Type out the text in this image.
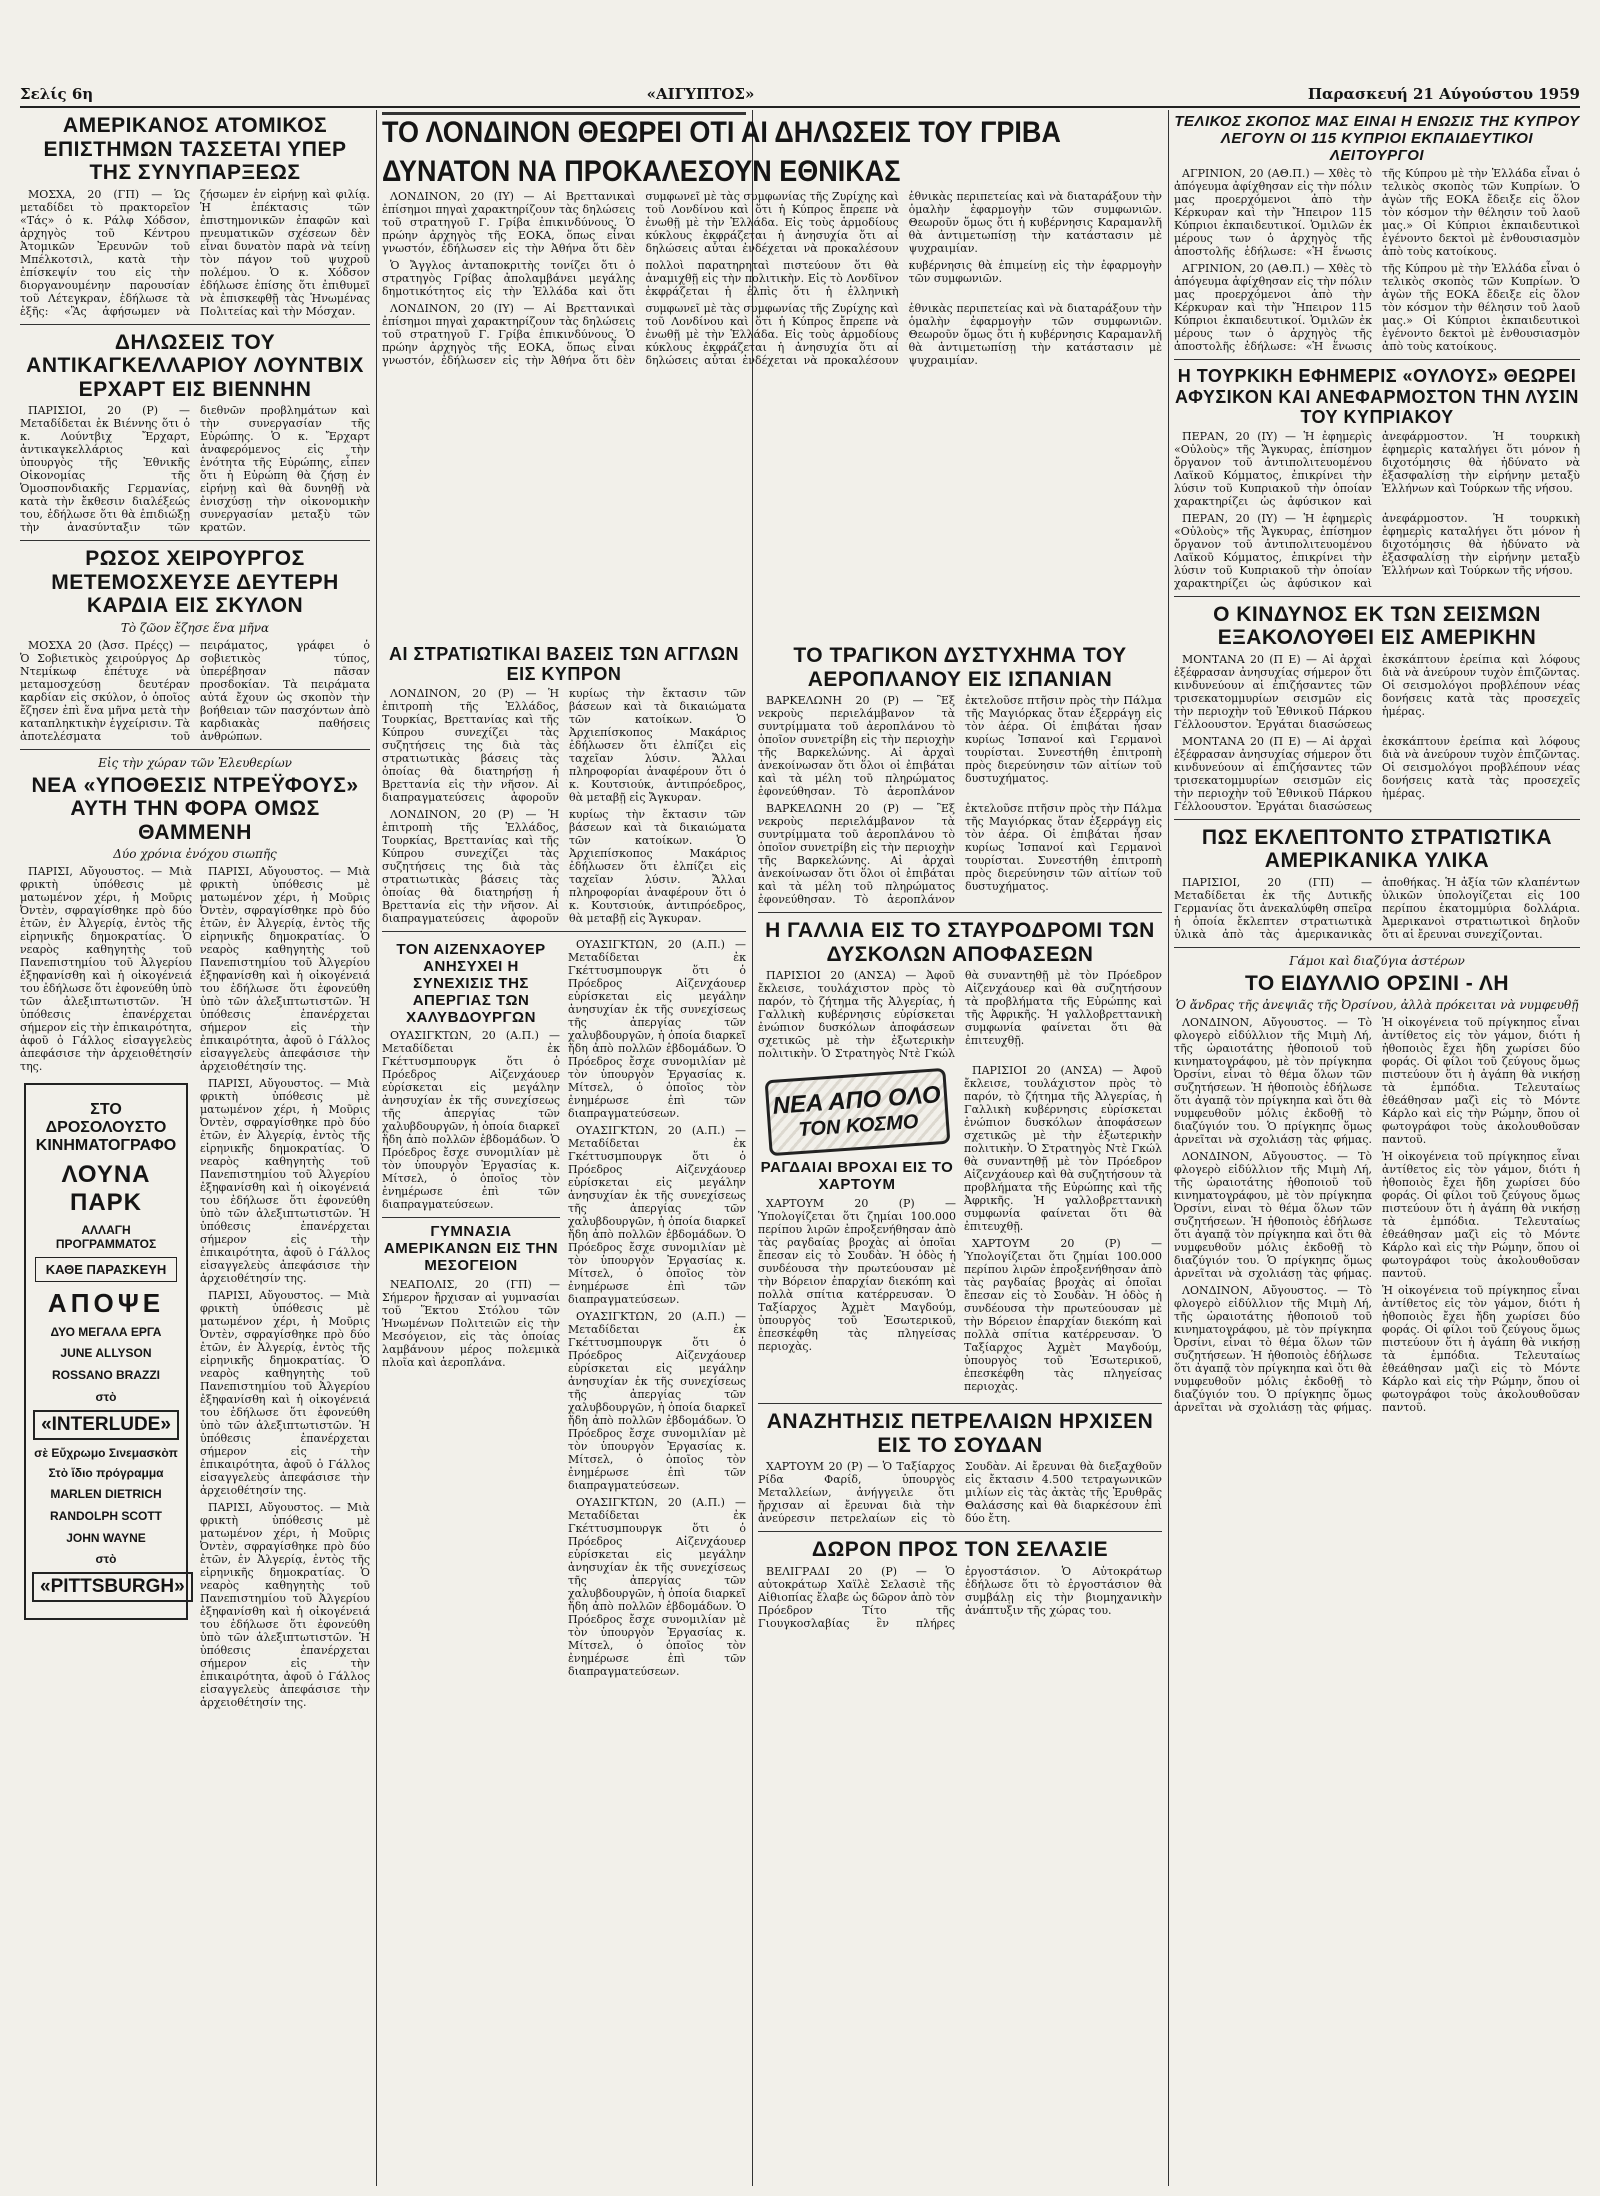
Σελίς 6η	«ΑΙΓΥΠΤΟΣ»	Παρασκευή 21 Αύγούστου 1959
ΑΜΕΡΙΚΑΝΟΣ ΑΤΟΜΙΚΟΣ ΕΠΙΣΤΗΜΩΝ ΤΑΣΣΕΤΑΙ ΥΠΕΡ ΤΗΣ ΣΥΝΥΠΑΡΞΕΩΣ

ΜΟΣΧΑ, 20 (ΓΠ) — Ὡς μεταδίδει τὸ πρακτορεῖον «Τάς» ὁ κ. Ράλφ Χόδσον, ἀρχηγὸς τοῦ Κέντρου Ἀτομικῶν Ἐρευνῶν τοῦ Μπέλκοτσιλ, κατὰ τὴν ἐπίσκεψίν του εἰς τὴν διοργανουμένην παρουσίαν τοῦ Λέτεγκραν, ἐδήλωσε τὰ ἑξῆς: «Ἂς ἀφήσωμεν νὰ ζήσωμεν ἐν εἰρήνῃ καὶ φιλίᾳ. Ἡ ἐπέκτασις τῶν ἐπιστημονικῶν ἐπαφῶν καὶ πνευματικῶν σχέσεων δὲν εἶναι δυνατὸν παρὰ νὰ τείνῃ τὸν πάγον τοῦ ψυχροῦ πολέμου. Ὁ κ. Χόδσον ἐδήλωσε ἐπίσης ὅτι ἐπιθυμεῖ νὰ ἐπισκεφθῇ τὰς Ἡνωμένας Πολιτείας καὶ τὴν Μόσχαν.

ΔΗΛΩΣΕΙΣ ΤΟΥ ΑΝΤΙΚΑΓΚΕΛΛΑΡΙΟΥ ΛΟΥΝΤΒΙΧ ΕΡΧΑΡΤ ΕΙΣ ΒΙΕΝΝΗΝ

ΠΑΡΙΣΙΟΙ, 20 (Ρ) — Μεταδίδεται ἐκ Βιέννης ὅτι ὁ κ. Λούντβιχ Ἔρχαρτ, ἀντικαγκελλάριος καὶ ὑπουργὸς τῆς Ἐθνικῆς Οἰκονομίας τῆς Ὁμοσπονδιακῆς Γερμανίας, κατὰ τὴν ἔκθεσιν διαλέξεώς του, ἐδήλωσε ὅτι θὰ ἐπιδιώξῃ τὴν ἀνασύνταξιν τῶν διεθνῶν προβλημάτων καὶ τὴν συνεργασίαν τῆς Εὐρώπης. Ὁ κ. Ἔρχαρτ ἀναφερόμενος εἰς τὴν ἑνότητα τῆς Εὐρώπης, εἶπεν ὅτι ἡ Εὐρώπη θὰ ζήσῃ ἐν εἰρήνῃ καὶ θὰ δυνηθῇ νὰ ἐνισχύσῃ τὴν οἰκονομικὴν συνεργασίαν μεταξὺ τῶν κρατῶν.

ΡΩΣΟΣ ΧΕΙΡΟΥΡΓΟΣ ΜΕΤΕΜΟΣΧΕΥΣΕ ΔΕΥΤΕΡΗ ΚΑΡΔΙΑ ΕΙΣ ΣΚΥΛΟΝ
Τὸ ζῶον ἔζησε ἕνα μῆνα

ΜΟΣΧΑ 20 (Ἀσσ. Πρέςς) — Ὁ Σοβιετικὸς χειρούργος Δρ Ντεμίκωφ ἐπέτυχε νὰ μεταμοσχεύσῃ δευτέραν καρδίαν εἰς σκύλον, ὁ ὁποῖος ἔζησεν ἐπὶ ἕνα μῆνα μετὰ τὴν καταπληκτικὴν ἐγχείρισιν. Τὰ ἀποτελέσματα τοῦ πειράματος, γράφει ὁ σοβιετικὸς τύπος, ὑπερέβησαν πᾶσαν προσδοκίαν. Τὰ πειράματα αὐτά ἔχουν ὡς σκοπὸν τὴν βοήθειαν τῶν πασχόντων ἀπὸ καρδιακὰς παθήσεις ἀνθρώπων.

Εἰς τὴν χώραν τῶν Ἐλευθερίων
ΝΕΑ «ΥΠΟΘΕΣΙΣ ΝΤΡΕΫΦΟΥΣ» ΑΥΤΗ ΤΗΝ ΦΟΡΑ ΟΜΩΣ ΘΑΜΜΕΝΗ
Δύο χρόνια ἐνόχου σιωπῆς

ΠΑΡΙΣΙ, Αὔγουστος. — Μιὰ φρικτὴ ὑπόθεσις μὲ ματωμένον χέρι, ἡ Μοῦρις Ὀντὲν, σφραγίσθηκε πρὸ δύο ἐτῶν, ἐν Ἀλγερίᾳ, ἐντὸς τῆς εἰρηνικῆς δημοκρατίας. Ὁ νεαρὸς καθηγητὴς τοῦ Πανεπιστημίου τοῦ Ἀλγερίου ἐξηφανίσθη καὶ ἡ οἰκογένειά του ἐδήλωσε ὅτι ἐφονεύθη ὑπὸ τῶν ἀλεξιπτωτιστῶν. Ἡ ὑπόθεσις ἐπανέρχεται σήμερον εἰς τὴν ἐπικαιρότητα, ἀφοῦ ὁ Γάλλος εἰσαγγελεὺς ἀπεφάσισε τὴν ἀρχειοθέτησίν της.

ΣΤΟ ΔΡΟΣΟΛΟΥΣΤΟ ΚΙΝΗΜΑΤΟΓΡΑΦΟ
ΛΟΥΝΑ ΠΑΡΚ
ΑΛΛΑΓΗ ΠΡΟΓΡΑΜΜΑΤΟΣ
ΚΑΘΕ ΠΑΡΑΣΚΕΥΗ
ΑΠΟΨΕ
ΔΥΟ ΜΕΓΑΛΑ ΕΡΓΑ
JUNE ALLYSON
ROSSANO BRAZZI
στὸ
«INTERLUDE»
σὲ Εὔχρωμο Σινεμασκὸπ
Στὸ ἴδιο πρόγραμμα
MARLEN DIETRICH
RANDOLPH SCOTT
JOHN WAYNE
στὸ
«PITTSBURGH»

ΠΑΡΙΣΙ, Αὔγουστος. — Μιὰ φρικτὴ ὑπόθεσις μὲ ματωμένον χέρι, ἡ Μοῦρις Ὀντὲν, σφραγίσθηκε πρὸ δύο ἐτῶν, ἐν Ἀλγερίᾳ, ἐντὸς τῆς εἰρηνικῆς δημοκρατίας. Ὁ νεαρὸς καθηγητὴς τοῦ Πανεπιστημίου τοῦ Ἀλγερίου ἐξηφανίσθη καὶ ἡ οἰκογένειά του ἐδήλωσε ὅτι ἐφονεύθη ὑπὸ τῶν ἀλεξιπτωτιστῶν. Ἡ ὑπόθεσις ἐπανέρχεται σήμερον εἰς τὴν ἐπικαιρότητα, ἀφοῦ ὁ Γάλλος εἰσαγγελεὺς ἀπεφάσισε τὴν ἀρχειοθέτησίν της.

ΠΑΡΙΣΙ, Αὔγουστος. — Μιὰ φρικτὴ ὑπόθεσις μὲ ματωμένον χέρι, ἡ Μοῦρις Ὀντὲν, σφραγίσθηκε πρὸ δύο ἐτῶν, ἐν Ἀλγερίᾳ, ἐντὸς τῆς εἰρηνικῆς δημοκρατίας. Ὁ νεαρὸς καθηγητὴς τοῦ Πανεπιστημίου τοῦ Ἀλγερίου ἐξηφανίσθη καὶ ἡ οἰκογένειά του ἐδήλωσε ὅτι ἐφονεύθη ὑπὸ τῶν ἀλεξιπτωτιστῶν. Ἡ ὑπόθεσις ἐπανέρχεται σήμερον εἰς τὴν ἐπικαιρότητα, ἀφοῦ ὁ Γάλλος εἰσαγγελεὺς ἀπεφάσισε τὴν ἀρχειοθέτησίν της.

ΠΑΡΙΣΙ, Αὔγουστος. — Μιὰ φρικτὴ ὑπόθεσις μὲ ματωμένον χέρι, ἡ Μοῦρις Ὀντὲν, σφραγίσθηκε πρὸ δύο ἐτῶν, ἐν Ἀλγερίᾳ, ἐντὸς τῆς εἰρηνικῆς δημοκρατίας. Ὁ νεαρὸς καθηγητὴς τοῦ Πανεπιστημίου τοῦ Ἀλγερίου ἐξηφανίσθη καὶ ἡ οἰκογένειά του ἐδήλωσε ὅτι ἐφονεύθη ὑπὸ τῶν ἀλεξιπτωτιστῶν. Ἡ ὑπόθεσις ἐπανέρχεται σήμερον εἰς τὴν ἐπικαιρότητα, ἀφοῦ ὁ Γάλλος εἰσαγγελεὺς ἀπεφάσισε τὴν ἀρχειοθέτησίν της.

ΠΑΡΙΣΙ, Αὔγουστος. — Μιὰ φρικτὴ ὑπόθεσις μὲ ματωμένον χέρι, ἡ Μοῦρις Ὀντὲν, σφραγίσθηκε πρὸ δύο ἐτῶν, ἐν Ἀλγερίᾳ, ἐντὸς τῆς εἰρηνικῆς δημοκρατίας. Ὁ νεαρὸς καθηγητὴς τοῦ Πανεπιστημίου τοῦ Ἀλγερίου ἐξηφανίσθη καὶ ἡ οἰκογένειά του ἐδήλωσε ὅτι ἐφονεύθη ὑπὸ τῶν ἀλεξιπτωτιστῶν. Ἡ ὑπόθεσις ἐπανέρχεται σήμερον εἰς τὴν ἐπικαιρότητα, ἀφοῦ ὁ Γάλλος εἰσαγγελεὺς ἀπεφάσισε τὴν ἀρχειοθέτησίν της.

ΤΟ ΛΟΝΔΙΝΟΝ ΘΕΩΡΕΙ ΟΤΙ ΑΙ ΔΗΛΩΣΕΙΣ ΤΟΥ ΓΡΙΒΑ
ΔΥΝΑΤΟΝ ΝΑ ΠΡΟΚΑΛΕΣΟΥΝ ΕΘΝΙΚΑΣ

ΛΟΝΔΙΝΟΝ, 20 (ΙΥ) — Αἱ Βρεττανικαὶ ἐπίσημοι πηγαὶ χαρακτηρίζουν τὰς δηλώσεις τοῦ στρατηγοῦ Γ. Γρίβα ἐπικινδύνους. Ὁ πρώην ἀρχηγὸς τῆς ΕΟΚΑ, ὅπως εἶναι γνωστόν, ἐδήλωσεν εἰς τὴν Ἀθήνα ὅτι δὲν συμφωνεῖ μὲ τὰς συμφωνίας τῆς Ζυρίχης καὶ τοῦ Λονδίνου καὶ ὅτι ἡ Κύπρος ἔπρεπε νὰ ἑνωθῇ μὲ τὴν Ἑλλάδα. Εἰς τοὺς ἁρμοδίους κύκλους ἐκφράζεται ἡ ἀνησυχία ὅτι αἱ δηλώσεις αὗται ἐνδέχεται νὰ προκαλέσουν ἐθνικὰς περιπετείας καὶ νὰ διαταράξουν τὴν ὁμαλὴν ἐφαρμογὴν τῶν συμφωνιῶν. Θεωροῦν ὅμως ὅτι ἡ κυβέρνησις Καραμανλῆ θὰ ἀντιμετωπίσῃ τὴν κατάστασιν μὲ ψυχραιμίαν.

Ὁ Ἄγγλος ἀνταποκριτὴς τονίζει ὅτι ὁ στρατηγὸς Γρίβας ἀπολαμβάνει μεγάλης δημοτικότητος εἰς τὴν Ἑλλάδα καὶ ὅτι πολλοὶ παρατηρηταὶ πιστεύουν ὅτι θὰ ἀναμιχθῇ εἰς τὴν πολιτικὴν. Εἰς τὸ Λονδῖνον ἐκφράζεται ἡ ἐλπὶς ὅτι ἡ ἑλληνικὴ κυβέρνησις θὰ ἐπιμείνῃ εἰς τὴν ἐφαρμογὴν τῶν συμφωνιῶν.

ΛΟΝΔΙΝΟΝ, 20 (ΙΥ) — Αἱ Βρεττανικαὶ ἐπίσημοι πηγαὶ χαρακτηρίζουν τὰς δηλώσεις τοῦ στρατηγοῦ Γ. Γρίβα ἐπικινδύνους. Ὁ πρώην ἀρχηγὸς τῆς ΕΟΚΑ, ὅπως εἶναι γνωστόν, ἐδήλωσεν εἰς τὴν Ἀθήνα ὅτι δὲν συμφωνεῖ μὲ τὰς συμφωνίας τῆς Ζυρίχης καὶ τοῦ Λονδίνου καὶ ὅτι ἡ Κύπρος ἔπρεπε νὰ ἑνωθῇ μὲ τὴν Ἑλλάδα. Εἰς τοὺς ἁρμοδίους κύκλους ἐκφράζεται ἡ ἀνησυχία ὅτι αἱ δηλώσεις αὗται ἐνδέχεται νὰ προκαλέσουν ἐθνικὰς περιπετείας καὶ νὰ διαταράξουν τὴν ὁμαλὴν ἐφαρμογὴν τῶν συμφωνιῶν. Θεωροῦν ὅμως ὅτι ἡ κυβέρνησις Καραμανλῆ θὰ ἀντιμετωπίσῃ τὴν κατάστασιν μὲ ψυχραιμίαν.

ΑΙ ΣΤΡΑΤΙΩΤΙΚΑΙ ΒΑΣΕΙΣ ΤΩΝ ΑΓΓΛΩΝ ΕΙΣ ΚΥΠΡΟΝ

ΛΟΝΔΙΝΟΝ, 20 (Ρ) — Ἡ ἐπιτροπὴ τῆς Ἑλλάδος, Τουρκίας, Βρεττανίας καὶ τῆς Κύπρου συνεχίζει τὰς συζητήσεις της διὰ τὰς στρατιωτικὰς βάσεις τὰς ὁποίας θὰ διατηρήσῃ ἡ Βρεττανία εἰς τὴν νῆσον. Αἱ διαπραγματεύσεις ἀφοροῦν κυρίως τὴν ἔκτασιν τῶν βάσεων καὶ τὰ δικαιώματα τῶν κατοίκων. Ὁ Ἀρχιεπίσκοπος Μακάριος ἐδήλωσεν ὅτι ἐλπίζει εἰς ταχεῖαν λύσιν. Ἄλλαι πληροφορίαι ἀναφέρουν ὅτι ὁ κ. Κουτσιούκ, ἀντιπρόεδρος, θὰ μεταβῇ εἰς Ἄγκυραν.

ΛΟΝΔΙΝΟΝ, 20 (Ρ) — Ἡ ἐπιτροπὴ τῆς Ἑλλάδος, Τουρκίας, Βρεττανίας καὶ τῆς Κύπρου συνεχίζει τὰς συζητήσεις της διὰ τὰς στρατιωτικὰς βάσεις τὰς ὁποίας θὰ διατηρήσῃ ἡ Βρεττανία εἰς τὴν νῆσον. Αἱ διαπραγματεύσεις ἀφοροῦν κυρίως τὴν ἔκτασιν τῶν βάσεων καὶ τὰ δικαιώματα τῶν κατοίκων. Ὁ Ἀρχιεπίσκοπος Μακάριος ἐδήλωσεν ὅτι ἐλπίζει εἰς ταχεῖαν λύσιν. Ἄλλαι πληροφορίαι ἀναφέρουν ὅτι ὁ κ. Κουτσιούκ, ἀντιπρόεδρος, θὰ μεταβῇ εἰς Ἄγκυραν.

ΤΟΝ ΑΙΖΕΝΧΑΟΥΕΡ ΑΝΗΣΥΧΕΙ Η ΣΥΝΕΧΙΣΙΣ ΤΗΣ ΑΠΕΡΓΙΑΣ ΤΩΝ ΧΑΛΥΒΔΟΥΡΓΩΝ

ΟΥΑΣΙΓΚΤΩΝ, 20 (Α.Π.) — Μεταδίδεται ἐκ Γκέττυσμπουργκ ὅτι ὁ Πρόεδρος Αἰζενχάουερ εὑρίσκεται εἰς μεγάλην ἀνησυχίαν ἐκ τῆς συνεχίσεως τῆς ἀπεργίας τῶν χαλυβδουργῶν, ἡ ὁποία διαρκεῖ ἤδη ἀπὸ πολλῶν ἑβδομάδων. Ὁ Πρόεδρος ἔσχε συνομιλίαν μὲ τὸν ὑπουργὸν Ἐργασίας κ. Μίτσελ, ὁ ὁποῖος τὸν ἐνημέρωσε ἐπὶ τῶν διαπραγματεύσεων.

ΓΥΜΝΑΣΙΑ ΑΜΕΡΙΚΑΝΩΝ ΕΙΣ ΤΗΝ ΜΕΣΟΓΕΙΟΝ

ΝΕΑΠΟΛΙΣ, 20 (ΓΠ) — Σήμερον ἤρχισαν αἱ γυμνασίαι τοῦ Ἕκτου Στόλου τῶν Ἡνωμένων Πολιτειῶν εἰς τὴν Μεσόγειον, εἰς τὰς ὁποίας λαμβάνουν μέρος πολεμικὰ πλοῖα καὶ ἀεροπλάνα.

ΟΥΑΣΙΓΚΤΩΝ, 20 (Α.Π.) — Μεταδίδεται ἐκ Γκέττυσμπουργκ ὅτι ὁ Πρόεδρος Αἰζενχάουερ εὑρίσκεται εἰς μεγάλην ἀνησυχίαν ἐκ τῆς συνεχίσεως τῆς ἀπεργίας τῶν χαλυβδουργῶν, ἡ ὁποία διαρκεῖ ἤδη ἀπὸ πολλῶν ἑβδομάδων. Ὁ Πρόεδρος ἔσχε συνομιλίαν μὲ τὸν ὑπουργὸν Ἐργασίας κ. Μίτσελ, ὁ ὁποῖος τὸν ἐνημέρωσε ἐπὶ τῶν διαπραγματεύσεων.

ΟΥΑΣΙΓΚΤΩΝ, 20 (Α.Π.) — Μεταδίδεται ἐκ Γκέττυσμπουργκ ὅτι ὁ Πρόεδρος Αἰζενχάουερ εὑρίσκεται εἰς μεγάλην ἀνησυχίαν ἐκ τῆς συνεχίσεως τῆς ἀπεργίας τῶν χαλυβδουργῶν, ἡ ὁποία διαρκεῖ ἤδη ἀπὸ πολλῶν ἑβδομάδων. Ὁ Πρόεδρος ἔσχε συνομιλίαν μὲ τὸν ὑπουργὸν Ἐργασίας κ. Μίτσελ, ὁ ὁποῖος τὸν ἐνημέρωσε ἐπὶ τῶν διαπραγματεύσεων.

ΟΥΑΣΙΓΚΤΩΝ, 20 (Α.Π.) — Μεταδίδεται ἐκ Γκέττυσμπουργκ ὅτι ὁ Πρόεδρος Αἰζενχάουερ εὑρίσκεται εἰς μεγάλην ἀνησυχίαν ἐκ τῆς συνεχίσεως τῆς ἀπεργίας τῶν χαλυβδουργῶν, ἡ ὁποία διαρκεῖ ἤδη ἀπὸ πολλῶν ἑβδομάδων. Ὁ Πρόεδρος ἔσχε συνομιλίαν μὲ τὸν ὑπουργὸν Ἐργασίας κ. Μίτσελ, ὁ ὁποῖος τὸν ἐνημέρωσε ἐπὶ τῶν διαπραγματεύσεων.

ΟΥΑΣΙΓΚΤΩΝ, 20 (Α.Π.) — Μεταδίδεται ἐκ Γκέττυσμπουργκ ὅτι ὁ Πρόεδρος Αἰζενχάουερ εὑρίσκεται εἰς μεγάλην ἀνησυχίαν ἐκ τῆς συνεχίσεως τῆς ἀπεργίας τῶν χαλυβδουργῶν, ἡ ὁποία διαρκεῖ ἤδη ἀπὸ πολλῶν ἑβδομάδων. Ὁ Πρόεδρος ἔσχε συνομιλίαν μὲ τὸν ὑπουργὸν Ἐργασίας κ. Μίτσελ, ὁ ὁποῖος τὸν ἐνημέρωσε ἐπὶ τῶν διαπραγματεύσεων.

ΤΟ ΤΡΑΓΙΚΟΝ ΔΥΣΤΥΧΗΜΑ ΤΟΥ ΑΕΡΟΠΛΑΝΟΥ ΕΙΣ ΙΣΠΑΝΙΑΝ

ΒΑΡΚΕΛΩΝΗ 20 (Ρ) — Ἓξ νεκροὺς περιελάμβανον τὰ συντρίμματα τοῦ ἀεροπλάνου τὸ ὁποῖον συνετρίβη εἰς τὴν περιοχὴν τῆς Βαρκελώνης. Αἱ ἀρχαὶ ἀνεκοίνωσαν ὅτι ὅλοι οἱ ἐπιβάται καὶ τὰ μέλη τοῦ πληρώματος ἐφονεύθησαν. Τὸ ἀεροπλάνον ἐκτελοῦσε πτῆσιν πρὸς τὴν Πάλμα τῆς Μαγιόρκας ὅταν ἐξερράγη εἰς τὸν ἀέρα. Οἱ ἐπιβάται ἦσαν κυρίως Ἰσπανοί καὶ Γερμανοὶ τουρίσται. Συνεστήθη ἐπιτροπὴ πρὸς διερεύνησιν τῶν αἰτίων τοῦ δυστυχήματος.

ΒΑΡΚΕΛΩΝΗ 20 (Ρ) — Ἓξ νεκροὺς περιελάμβανον τὰ συντρίμματα τοῦ ἀεροπλάνου τὸ ὁποῖον συνετρίβη εἰς τὴν περιοχὴν τῆς Βαρκελώνης. Αἱ ἀρχαὶ ἀνεκοίνωσαν ὅτι ὅλοι οἱ ἐπιβάται καὶ τὰ μέλη τοῦ πληρώματος ἐφονεύθησαν. Τὸ ἀεροπλάνον ἐκτελοῦσε πτῆσιν πρὸς τὴν Πάλμα τῆς Μαγιόρκας ὅταν ἐξερράγη εἰς τὸν ἀέρα. Οἱ ἐπιβάται ἦσαν κυρίως Ἰσπανοί καὶ Γερμανοὶ τουρίσται. Συνεστήθη ἐπιτροπὴ πρὸς διερεύνησιν τῶν αἰτίων τοῦ δυστυχήματος.

Η ΓΑΛΛΙΑ ΕΙΣ ΤΟ ΣΤΑΥΡΟΔΡΟΜΙ ΤΩΝ ΔΥΣΚΟΛΩΝ ΑΠΟΦΑΣΕΩΝ

ΠΑΡΙΣΙΟΙ 20 (ΑΝΣΑ) — Ἀφοῦ ἔκλεισε, τουλάχιστον πρὸς τὸ παρόν, τὸ ζήτημα τῆς Ἀλγερίας, ἡ Γαλλικὴ κυβέρνησις εὑρίσκεται ἐνώπιον δυσκόλων ἀποφάσεων σχετικῶς μὲ τὴν ἐξωτερικὴν πολιτικὴν. Ὁ Στρατηγὸς Ντὲ Γκώλ θὰ συναντηθῇ μὲ τὸν Πρόεδρον Αἰζενχάουερ καὶ θὰ συζητήσουν τὰ προβλήματα τῆς Εὐρώπης καὶ τῆς Ἀφρικῆς. Ἡ γαλλοβρεττανικὴ συμφωνία φαίνεται ὅτι θὰ ἐπιτευχθῇ.

ΝΕΑ ΑΠΟ ΟΛΟ
ΤΟΝ ΚΟΣΜΟ
ΡΑΓΔΑΙΑΙ ΒΡΟΧΑΙ ΕΙΣ ΤΟ ΧΑΡΤΟΥΜ

ΧΑΡΤΟΥΜ 20 (Ρ) — Ὑπολογίζεται ὅτι ζημίαι 100.000 περίπου λιρῶν ἐπροξενήθησαν ἀπὸ τὰς ραγδαίας βροχὰς αἱ ὁποῖαι ἔπεσαν εἰς τὸ Σουδὰν. Ἡ ὁδὸς ἡ συνδέουσα τὴν πρωτεύουσαν μὲ τὴν Βόρειον ἐπαρχίαν διεκόπη καὶ πολλὰ σπίτια κατέρρευσαν. Ὁ Ταξίαρχος Ἀχμὲτ Μαγδούμ, ὑπουργὸς τοῦ Ἐσωτερικοῦ, ἐπεσκέφθη τὰς πληγείσας περιοχὰς.

ΠΑΡΙΣΙΟΙ 20 (ΑΝΣΑ) — Ἀφοῦ ἔκλεισε, τουλάχιστον πρὸς τὸ παρόν, τὸ ζήτημα τῆς Ἀλγερίας, ἡ Γαλλικὴ κυβέρνησις εὑρίσκεται ἐνώπιον δυσκόλων ἀποφάσεων σχετικῶς μὲ τὴν ἐξωτερικὴν πολιτικὴν. Ὁ Στρατηγὸς Ντὲ Γκώλ θὰ συναντηθῇ μὲ τὸν Πρόεδρον Αἰζενχάουερ καὶ θὰ συζητήσουν τὰ προβλήματα τῆς Εὐρώπης καὶ τῆς Ἀφρικῆς. Ἡ γαλλοβρεττανικὴ συμφωνία φαίνεται ὅτι θὰ ἐπιτευχθῇ.

ΧΑΡΤΟΥΜ 20 (Ρ) — Ὑπολογίζεται ὅτι ζημίαι 100.000 περίπου λιρῶν ἐπροξενήθησαν ἀπὸ τὰς ραγδαίας βροχὰς αἱ ὁποῖαι ἔπεσαν εἰς τὸ Σουδὰν. Ἡ ὁδὸς ἡ συνδέουσα τὴν πρωτεύουσαν μὲ τὴν Βόρειον ἐπαρχίαν διεκόπη καὶ πολλὰ σπίτια κατέρρευσαν. Ὁ Ταξίαρχος Ἀχμὲτ Μαγδούμ, ὑπουργὸς τοῦ Ἐσωτερικοῦ, ἐπεσκέφθη τὰς πληγείσας περιοχὰς.

ΑΝΑΖΗΤΗΣΙΣ ΠΕΤΡΕΛΑΙΩΝ ΗΡΧΙΣΕΝ ΕΙΣ ΤΟ ΣΟΥΔΑΝ

ΧΑΡΤΟΥΜ 20 (Ρ) — Ὁ Ταξίαρχος Ρίδα Φαρίδ, ὑπουργὸς Μεταλλείων, ἀνήγγειλε ὅτι ἤρχισαν αἱ ἔρευναι διὰ τὴν ἀνεύρεσιν πετρελαίων εἰς τὸ Σουδὰν. Αἱ ἔρευναι θὰ διεξαχθοῦν εἰς ἔκτασιν 4.500 τετραγωνικῶν μιλίων εἰς τὰς ἀκτὰς τῆς Ἐρυθρᾶς Θαλάσσης καὶ θὰ διαρκέσουν ἐπὶ δύο ἔτη.

ΔΩΡΟΝ ΠΡΟΣ ΤΟΝ ΣΕΛΑΣΙΕ

ΒΕΛΙΓΡΑΔΙ 20 (Ρ) — Ὁ αὐτοκράτωρ Χαϊλὲ Σελασιὲ τῆς Αἰθιοπίας ἔλαβε ὡς δῶρον ἀπὸ τὸν Πρόεδρον Τίτο τῆς Γιουγκοσλαβίας ἓν πλήρες ἐργοστάσιον. Ὁ Αὐτοκράτωρ ἐδήλωσε ὅτι τὸ ἐργοστάσιον θὰ συμβάλῃ εἰς τὴν βιομηχανικὴν ἀνάπτυξιν τῆς χώρας του.

ΤΕΛΙΚΟΣ ΣΚΟΠΟΣ ΜΑΣ ΕΙΝΑΙ Η ΕΝΩΣΙΣ ΤΗΣ ΚΥΠΡΟΥ ΛΕΓΟΥΝ ΟΙ 115 ΚΥΠΡΙΟΙ ΕΚΠΑΙΔΕΥΤΙΚΟΙ ΛΕΙΤΟΥΡΓΟΙ

ΑΓΡΙΝΙΟΝ, 20 (ΑΘ.Π.) — Χθὲς τὸ ἀπόγευμα ἀφίχθησαν εἰς τὴν πόλιν μας προερχόμενοι ἀπὸ τὴν Κέρκυραν καὶ τὴν Ἤπειρον 115 Κύπριοι ἐκπαιδευτικοί. Ὁμιλῶν ἐκ μέρους των ὁ ἀρχηγὸς τῆς ἀποστολῆς ἐδήλωσε: «Ἡ ἕνωσις τῆς Κύπρου μὲ τὴν Ἑλλάδα εἶναι ὁ τελικὸς σκοπὸς τῶν Κυπρίων. Ὁ ἀγὼν τῆς ΕΟΚΑ ἔδειξε εἰς ὅλον τὸν κόσμον τὴν θέλησιν τοῦ λαοῦ μας.» Οἱ Κύπριοι ἐκπαιδευτικοὶ ἐγένοντο δεκτοὶ μὲ ἐνθουσιασμὸν ἀπὸ τοὺς κατοίκους.

ΑΓΡΙΝΙΟΝ, 20 (ΑΘ.Π.) — Χθὲς τὸ ἀπόγευμα ἀφίχθησαν εἰς τὴν πόλιν μας προερχόμενοι ἀπὸ τὴν Κέρκυραν καὶ τὴν Ἤπειρον 115 Κύπριοι ἐκπαιδευτικοί. Ὁμιλῶν ἐκ μέρους των ὁ ἀρχηγὸς τῆς ἀποστολῆς ἐδήλωσε: «Ἡ ἕνωσις τῆς Κύπρου μὲ τὴν Ἑλλάδα εἶναι ὁ τελικὸς σκοπὸς τῶν Κυπρίων. Ὁ ἀγὼν τῆς ΕΟΚΑ ἔδειξε εἰς ὅλον τὸν κόσμον τὴν θέλησιν τοῦ λαοῦ μας.» Οἱ Κύπριοι ἐκπαιδευτικοὶ ἐγένοντο δεκτοὶ μὲ ἐνθουσιασμὸν ἀπὸ τοὺς κατοίκους.

Η ΤΟΥΡΚΙΚΗ ΕΦΗΜΕΡΙΣ «ΟΥΛΟΥΣ» ΘΕΩΡΕΙ ΑΦΥΣΙΚΟΝ ΚΑΙ ΑΝΕΦΑΡΜΟΣΤΟΝ ΤΗΝ ΛΥΣΙΝ ΤΟΥ ΚΥΠΡΙΑΚΟΥ

ΠΕΡΑΝ, 20 (ΙΥ) — Ἡ ἐφημερὶς «Οὐλοὺς» τῆς Ἄγκυρας, ἐπίσημον ὄργανον τοῦ ἀντιπολιτευομένου Λαϊκοῦ Κόμματος, ἐπικρίνει τὴν λύσιν τοῦ Κυπριακοῦ τὴν ὁποίαν χαρακτηρίζει ὡς ἀφύσικον καὶ ἀνεφάρμοστον. Ἡ τουρκικὴ ἐφημερὶς καταλήγει ὅτι μόνον ἡ διχοτόμησις θὰ ἠδύνατο νὰ ἐξασφαλίσῃ τὴν εἰρήνην μεταξὺ Ἑλλήνων καὶ Τούρκων τῆς νήσου.

ΠΕΡΑΝ, 20 (ΙΥ) — Ἡ ἐφημερὶς «Οὐλοὺς» τῆς Ἄγκυρας, ἐπίσημον ὄργανον τοῦ ἀντιπολιτευομένου Λαϊκοῦ Κόμματος, ἐπικρίνει τὴν λύσιν τοῦ Κυπριακοῦ τὴν ὁποίαν χαρακτηρίζει ὡς ἀφύσικον καὶ ἀνεφάρμοστον. Ἡ τουρκικὴ ἐφημερὶς καταλήγει ὅτι μόνον ἡ διχοτόμησις θὰ ἠδύνατο νὰ ἐξασφαλίσῃ τὴν εἰρήνην μεταξὺ Ἑλλήνων καὶ Τούρκων τῆς νήσου.

Ο ΚΙΝΔΥΝΟΣ ΕΚ ΤΩΝ ΣΕΙΣΜΩΝ ΕΞΑΚΟΛΟΥΘΕΙ ΕΙΣ ΑΜΕΡΙΚΗΝ

ΜΟΝΤΑΝΑ 20 (Π Ε) — Αἱ ἀρχαὶ ἐξέφρασαν ἀνησυχίας σήμερον ὅτι κινδυνεύουν αἱ ἐπιζήσαντες τῶν τρισεκατομμυρίων σεισμῶν εἰς τὴν περιοχὴν τοῦ Ἐθνικοῦ Πάρκου Γέλλοουστον. Ἐργάται διασώσεως ἐκσκάπτουν ἐρείπια καὶ λόφους διὰ νὰ ἀνεύρουν τυχὸν ἐπιζῶντας. Οἱ σεισμολόγοι προβλέπουν νέας δονήσεις κατὰ τὰς προσεχεῖς ἡμέρας.

ΜΟΝΤΑΝΑ 20 (Π Ε) — Αἱ ἀρχαὶ ἐξέφρασαν ἀνησυχίας σήμερον ὅτι κινδυνεύουν αἱ ἐπιζήσαντες τῶν τρισεκατομμυρίων σεισμῶν εἰς τὴν περιοχὴν τοῦ Ἐθνικοῦ Πάρκου Γέλλοουστον. Ἐργάται διασώσεως ἐκσκάπτουν ἐρείπια καὶ λόφους διὰ νὰ ἀνεύρουν τυχὸν ἐπιζῶντας. Οἱ σεισμολόγοι προβλέπουν νέας δονήσεις κατὰ τὰς προσεχεῖς ἡμέρας.

ΠΩΣ ΕΚΛΕΠΤΟΝΤΟ ΣΤΡΑΤΙΩΤΙΚΑ ΑΜΕΡΙΚΑΝΙΚΑ ΥΛΙΚΑ

ΠΑΡΙΣΙΟΙ, 20 (ΓΠ) — Μεταδίδεται ἐκ τῆς Δυτικῆς Γερμανίας ὅτι ἀνεκαλύφθη σπεῖρα ἡ ὁποία ἔκλεπτεν στρατιωτικὰ ὑλικὰ ἀπὸ τὰς ἀμερικανικὰς ἀποθήκας. Ἡ ἀξία τῶν κλαπέντων ὑλικῶν ὑπολογίζεται εἰς 100 περίπου ἑκατομμύρια δολλάρια. Ἀμερικανοὶ στρατιωτικοὶ δηλοῦν ὅτι αἱ ἔρευναι συνεχίζονται.

Γάμοι καὶ διαζύγια ἀστέρων
ΤΟ ΕΙΔΥΛΛΙΟ ΟΡΣΙΝΙ - ΛΗ
Ὁ ἄνδρας τῆς ἀνεψιᾶς τῆς Ὀρσίνου, ἀλλὰ πρόκειται νὰ νυμφευθῇ

ΛΟΝΔΙΝΟΝ, Αὔγουστος. — Τὸ φλογερὸ εἰδύλλιον τῆς Μιμὴ Λή, τῆς ὡραιοτάτης ἠθοποιοῦ τοῦ κινηματογράφου, μὲ τὸν πρίγκηπα Ὀρσίνι, εἶναι τὸ θέμα ὅλων τῶν συζητήσεων. Ἡ ἠθοποιὸς ἐδήλωσε ὅτι ἀγαπᾷ τὸν πρίγκηπα καὶ ὅτι θὰ νυμφευθοῦν μόλις ἐκδοθῇ τὸ διαζύγιόν του. Ὁ πρίγκηπς ὅμως ἀρνεῖται νὰ σχολιάσῃ τὰς φήμας. Ἡ οἰκογένεια τοῦ πρίγκηπος εἶναι ἀντίθετος εἰς τὸν γάμον, διότι ἡ ἠθοποιὸς ἔχει ἤδη χωρίσει δύο φοράς. Οἱ φίλοι τοῦ ζεύγους ὅμως πιστεύουν ὅτι ἡ ἀγάπη θὰ νικήσῃ τὰ ἐμπόδια. Τελευταίως ἐθεάθησαν μαζὶ εἰς τὸ Μόντε Κάρλο καὶ εἰς τὴν Ρώμην, ὅπου οἱ φωτογράφοι τοὺς ἀκολουθοῦσαν παντοῦ.

ΛΟΝΔΙΝΟΝ, Αὔγουστος. — Τὸ φλογερὸ εἰδύλλιον τῆς Μιμὴ Λή, τῆς ὡραιοτάτης ἠθοποιοῦ τοῦ κινηματογράφου, μὲ τὸν πρίγκηπα Ὀρσίνι, εἶναι τὸ θέμα ὅλων τῶν συζητήσεων. Ἡ ἠθοποιὸς ἐδήλωσε ὅτι ἀγαπᾷ τὸν πρίγκηπα καὶ ὅτι θὰ νυμφευθοῦν μόλις ἐκδοθῇ τὸ διαζύγιόν του. Ὁ πρίγκηπς ὅμως ἀρνεῖται νὰ σχολιάσῃ τὰς φήμας. Ἡ οἰκογένεια τοῦ πρίγκηπος εἶναι ἀντίθετος εἰς τὸν γάμον, διότι ἡ ἠθοποιὸς ἔχει ἤδη χωρίσει δύο φοράς. Οἱ φίλοι τοῦ ζεύγους ὅμως πιστεύουν ὅτι ἡ ἀγάπη θὰ νικήσῃ τὰ ἐμπόδια. Τελευταίως ἐθεάθησαν μαζὶ εἰς τὸ Μόντε Κάρλο καὶ εἰς τὴν Ρώμην, ὅπου οἱ φωτογράφοι τοὺς ἀκολουθοῦσαν παντοῦ.

ΛΟΝΔΙΝΟΝ, Αὔγουστος. — Τὸ φλογερὸ εἰδύλλιον τῆς Μιμὴ Λή, τῆς ὡραιοτάτης ἠθοποιοῦ τοῦ κινηματογράφου, μὲ τὸν πρίγκηπα Ὀρσίνι, εἶναι τὸ θέμα ὅλων τῶν συζητήσεων. Ἡ ἠθοποιὸς ἐδήλωσε ὅτι ἀγαπᾷ τὸν πρίγκηπα καὶ ὅτι θὰ νυμφευθοῦν μόλις ἐκδοθῇ τὸ διαζύγιόν του. Ὁ πρίγκηπς ὅμως ἀρνεῖται νὰ σχολιάσῃ τὰς φήμας. Ἡ οἰκογένεια τοῦ πρίγκηπος εἶναι ἀντίθετος εἰς τὸν γάμον, διότι ἡ ἠθοποιὸς ἔχει ἤδη χωρίσει δύο φοράς. Οἱ φίλοι τοῦ ζεύγους ὅμως πιστεύουν ὅτι ἡ ἀγάπη θὰ νικήσῃ τὰ ἐμπόδια. Τελευταίως ἐθεάθησαν μαζὶ εἰς τὸ Μόντε Κάρλο καὶ εἰς τὴν Ρώμην, ὅπου οἱ φωτογράφοι τοὺς ἀκολουθοῦσαν παντοῦ.
